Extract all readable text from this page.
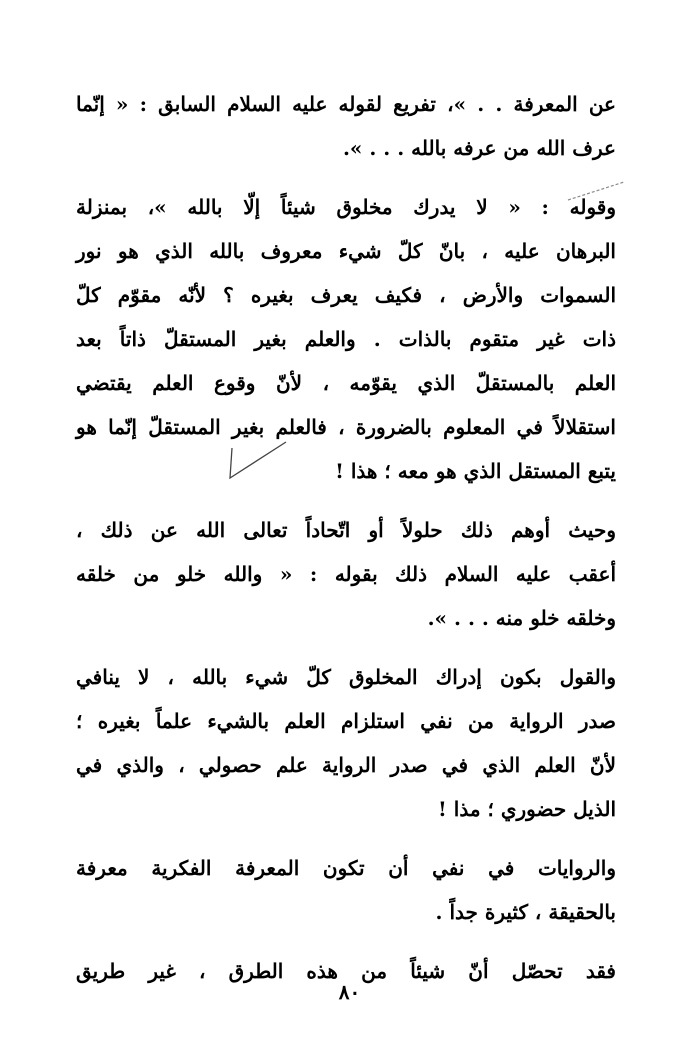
عن المعرفة . . »، تفريع لقوله عليه السلام السابق : « إنّما
عرف الله من عرفه بالله . . . ».

وقوله : « لا يدرك مخلوق شيئاً إلّا بالله »، بمنزلة
البرهان عليه ، بانّ كلّ شيء معروف بالله الذي هو نور
السموات والأرض ، فكيف يعرف بغيره ؟ لأنّه مقوّم كلّ
ذات غير متقوم بالذات . والعلم بغير المستقلّ ذاتاً بعد
العلم بالمستقلّ الذي يقوّمه ، لأنّ وقوع العلم يقتضي
استقلالاً في المعلوم بالضرورة ، فالعلم بغير المستقلّ إنّما هو
يتبع المستقل الذي هو معه ؛ هذا !

وحيث أوهم ذلك حلولاً أو اتّحاداً تعالى الله عن ذلك ،
أعقب عليه السلام ذلك بقوله : « والله خلو من خلقه
وخلقه خلو منه . . . ».

والقول بكون إدراك المخلوق كلّ شيء بالله ، لا ينافي
صدر الرواية من نفي استلزام العلم بالشيء علماً بغيره ؛
لأنّ العلم الذي في صدر الرواية علم حصولي ، والذي في
الذيل حضوري ؛ مذا !

والروايات في نفي أن تكون المعرفة الفكرية معرفة
بالحقيقة ، كثيرة جداً .

فقد تحصّل أنّ شيئاً من هذه الطرق ، غير طريق

٨٠
